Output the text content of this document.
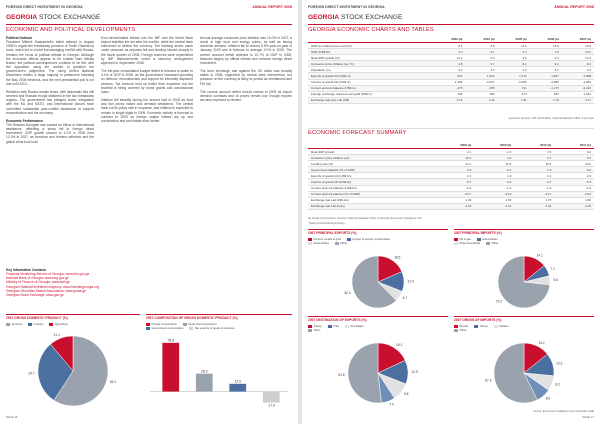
FOREIGN DIRECT INVESTMENT IN GEORGIA	ANNUAL REPORT 2008
GEORGIA STOCK EXCHANGE
ECONOMIC AND POLITICAL DEVELOPMENTS
Political Outlook
President Mikheil Saakashvili's ballot attempt in August 2008 to regain the breakaway province of South Ossetia by force, which led to a brief but damaging conflict with Russia, remains the focus of political debate in Georgia. Although the economic effects appear to be smaller than initially feared, the political consequences continue to be felt, with the opposition using the conflict to question the government's judgement. The ruling United National Movement retains a large majority in parliament following the May 2008 elections, and the next presidential poll is not due until 2013.
Relations with Russia remain tense, with diplomatic ties still severed and Russian troops stationed in the two breakaway regions. The government has pledged closer integration with the EU and NATO, and international donors have committed substantial post-conflict assistance to support reconstruction and the economy.
Economic Performance
The Russian-Georgian war caused an inflow of international assistance, offsetting a sharp fall in foreign direct investment. GDP growth slowed to 2.1% in 2008 from 12.3% in 2007, as investors and lenders withdrew and the global crisis took hold.
Euro-denominated inflows into the IMF and the World Bank helped stabilise the lari after the conflict, while the central bank intervened to defend the currency. The banking sector came under pressure as deposits fell and lending slowed sharply in the fourth quarter of 2008. Foreign reserves were replenished by IMF disbursements under a stand-by arrangement approved in September 2008.
The full-year consolidated budget deficit is forecast to widen to 3.4% of GDP in 2008, as the government increased spending on defence, reconstruction and support for internally displaced persons. Tax revenue held up better than expected, but the shortfall is being covered by donor grants and concessional loans.
Inflation fell steadily during the second half of 2008 as food and fuel prices eased and demand weakened. The central bank cut its policy rate in response, and inflation is expected to remain in single digits in 2009. Economic activity is forecast to contract in 2009 as foreign capital inflows dry up and construction and real estate slow further.
Annual average consumer price inflation was 10.0% in 2007, a result of high food and energy prices, as well as strong domestic demand. Inflation fell to around 5.5% year-on-year in January 2009 and is forecast to average 2.0% in 2009. The current account deficit widened to 22.7% of GDP in 2008, financed largely by official inflows and reduced foreign direct investment.
The lari's exchange rate against the US dollar was broadly stable in 2008, supported by central bank intervention, but pressure on the currency is likely to persist as remittances and FDI fall.
The current account deficit should narrow in 2009 as import demand contracts and oil prices remain low, though exports are also expected to decline.
Key Information Contacts
Financial Monitoring Service of Georgia: www.fms.gov.ge
National Bank of Georgia: www.nbg.gov.ge
Ministry of Finance of Georgia: www.mof.ge
Georgian National Investment Agency: www.investingeorgia.org
Georgian Securities Market Association: www.gsma.ge
Georgian Stock Exchange: www.gse.ge
2007 GROSS DOMESTIC PRODUCT (%)
Services	Industry	Agriculture
59.2
29.7
11.1
2007 COMPOSITION OF GROSS DOMESTIC PRODUCT (%)
Private consumption	Gross fixed investment
Government consumption	Net exports of goods & services
78.8
28.9
12.5
-17.9
PAGE 16
FOREIGN DIRECT INVESTMENT IN GEORGIA	ANNUAL REPORT 2008
GEORGIA STOCK EXCHANGE
GEORGIA ECONOMIC CHARTS AND TABLES
	2003 (a)	2004 (a)	2005 (a)	2006 (a)	2007 (a)
GDP at market prices (Lari bn)	8.6	9.8	11.6	13.8	16.9
GDP (US$ bn)	4.0	5.1	6.4	7.8	10.2
Real GDP growth (%)	11.1	5.9	9.6	9.4	12.3
Consumer price inflation (av; %)	4.8	5.7	8.2	9.2	9.2
Population (m)	4.3	4.3	4.3	4.4	4.4
Exports of goods fob (US$ m)	831	1,092	1,472	1,667	2,088
Imports of goods fob (US$ m)	-1,466	-2,007	-2,686	-3,685	-4,984
Current account balance (US$ m)	-375	-355	-711	-1,175	-2,010
Foreign exchange reserves excl gold (US$ m)	196	383	474	931	1,361
Exchange rate (av) Lari:US$	2.15	1.92	1.81	1.78	1.67
(a) Actual. Sources: IMF, World Bank, National Statistics Office of Georgia.
ECONOMIC FORECAST SUMMARY
	2008 (a)	2009 (b)	2010 (b)	2011 (b)
Real GDP growth	2.1	-1.5	3.5	6.0
Consumer price inflation (av)	10.0	2.0	3.7	5.0
Lending rate (%)	21.4	21.8	19.6	19.0
Government balance (% of GDP)	-3.4	-9.2	-7.3	-5.0
Exports of goods fob (US$ bn)	2.4	1.9	2.2	2.6
Imports of goods fob (US$ bn)	-5.7	-4.0	-4.7	-5.3
Current account balance (US$ bn)	-2.9	-1.4	-1.6	-1.8
Current account balance (% of GDP)	-22.7	-13.9	-14.7	-15.0
Exchange rate Lari:US$ (av)	1.49	1.66	1.70	1.66
Exchange rate Lari:€ (av)	2.18	2.16	2.23	2.26
(a) Actual. (b) Forecasts. Sources: National Statistics Office of Georgia; Economist Intelligence Unit.
* Bank product/industry/industry
2007 PRINCIPAL EXPORTS (%)
Ferrous metals & gold	Copper & copper concentrates
Automobiles	Other
18.5
12.4
6.7
62.4
2007 PRINCIPAL IMPORTS (%)
Oil & gas	Automobiles
Pharmaceuticals	Other
14.1
7.1
5.6
73.2
2007 DESTINATION OF EXPORTS (%)
Turkey	USA	Azerbaijan
Other
18.1
12.9
9.8
7.4
51.8
2007 ORIGIN OF IMPORTS (%)
Russia	Turkey	Ukraine
Other
14.2
12.3
8.2
8.0
57.3
Source: Economist Intelligence Unit, December 2008
PAGE 17
